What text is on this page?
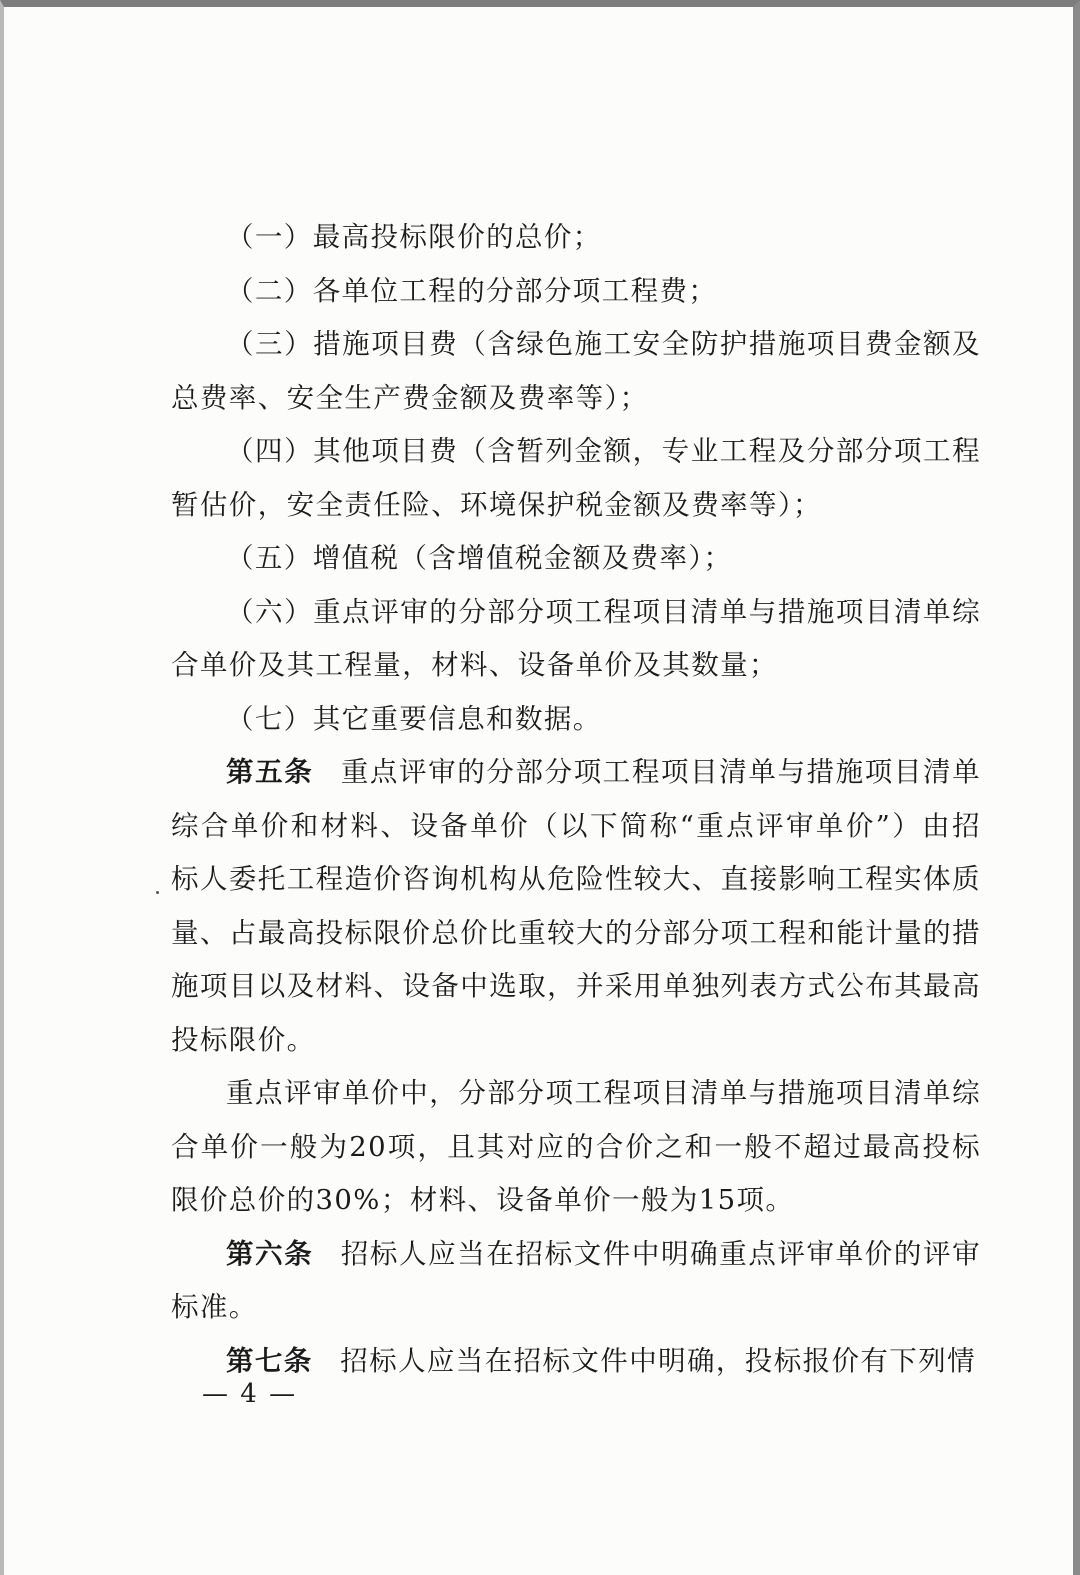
（一）最高投标限价的总价；

（二）各单位工程的分部分项工程费；

（三）措施项目费（含绿色施工安全防护措施项目费金额及总费率、安全生产费金额及费率等）；

（四）其他项目费（含暂列金额，专业工程及分部分项工程暂估价，安全责任险、环境保护税金额及费率等）；

（五）增值税（含增值税金额及费率）；

（六）重点评审的分部分项工程项目清单与措施项目清单综合单价及其工程量，材料、设备单价及其数量；

（七）其它重要信息和数据。

第五条 重点评审的分部分项工程项目清单与措施项目清单综合单价和材料、设备单价（以下简称“重点评审单价”）由招标人委托工程造价咨询机构从危险性较大、直接影响工程实体质量、占最高投标限价总价比重较大的分部分项工程和能计量的措施项目以及材料、设备中选取，并采用单独列表方式公布其最高投标限价。

重点评审单价中，分部分项工程项目清单与措施项目清单综合单价一般为20项，且其对应的合价之和一般不超过最高投标限价总价的30%；材料、设备单价一般为15项。

第六条 招标人应当在招标文件中明确重点评审单价的评审标准。

第七条 招标人应当在招标文件中明确，投标报价有下列情

— 4 —
